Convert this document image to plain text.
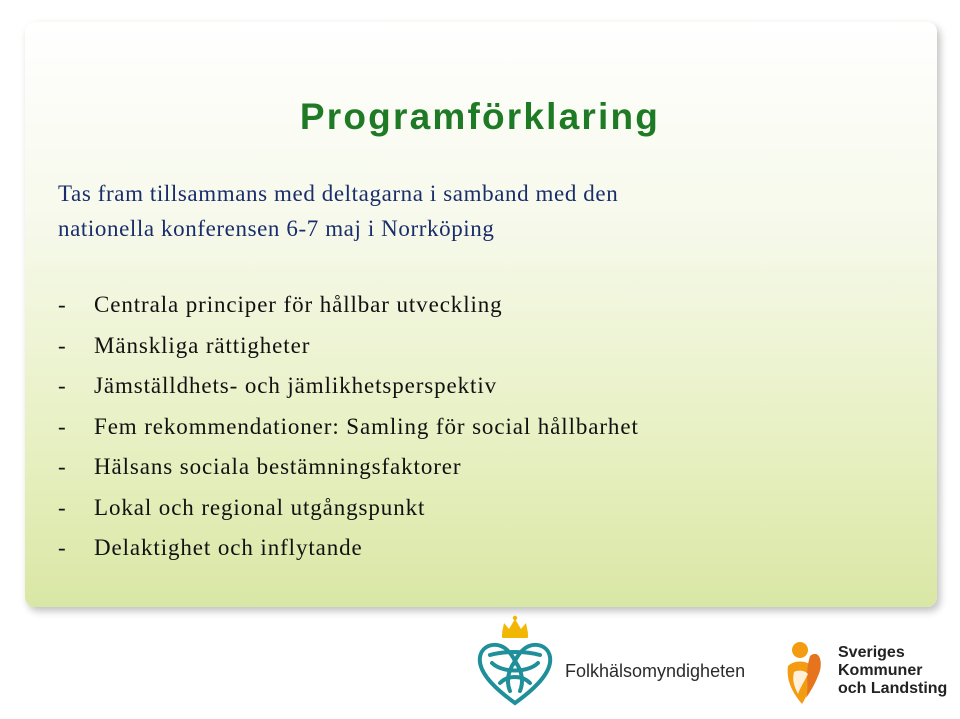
Programförklaring

Tas fram tillsammans med deltagarna i samband med den
nationella konferensen 6-7 maj i Norrköping

-	Centrala principer för hållbar utveckling
-	Mänskliga rättigheter
-	Jämställdhets- och jämlikhetsperspektiv
-	Fem rekommendationer: Samling för social hållbarhet
-	Hälsans sociala bestämningsfaktorer
-	Lokal och regional utgångspunkt
-	Delaktighet och inflytande
Folkhälsomyndigheten
Sveriges
Kommuner
och Landsting
